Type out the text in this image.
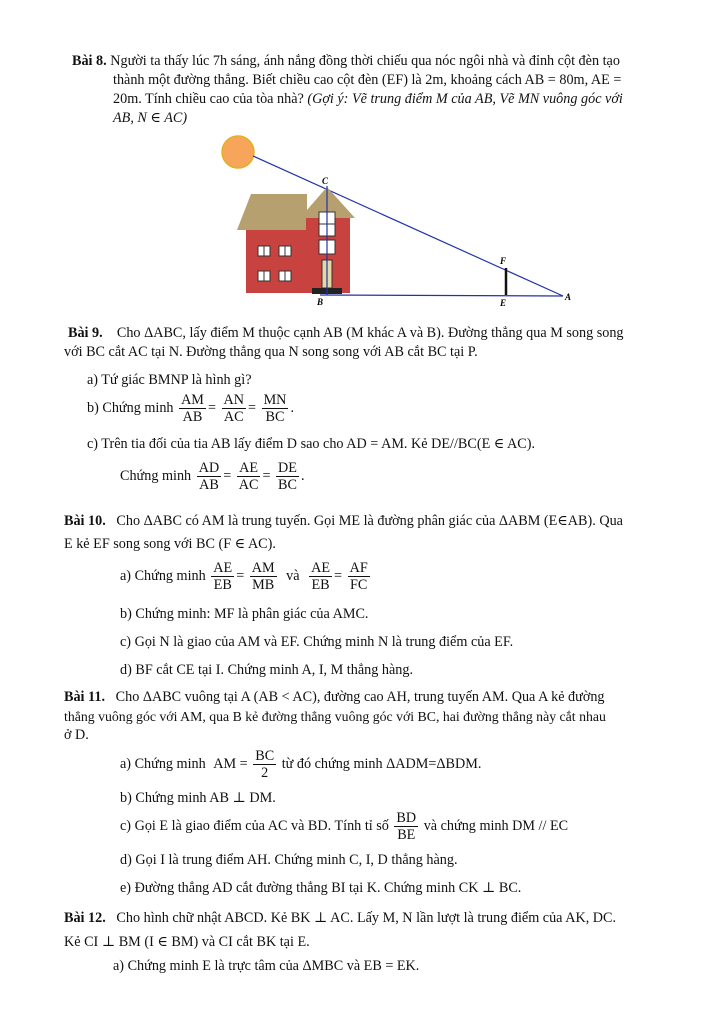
Bài 8. Người ta thấy lúc 7h sáng, ánh nắng đồng thời chiếu qua nóc ngôi nhà và đỉnh cột đèn tạo
thành một đường thẳng. Biết chiều cao cột đèn (EF) là 2m, khoảng cách AB = 80m, AE =
20m. Tính chiều cao của tòa nhà? (Gợi ý: Vẽ trung điểm M của AB, Vẽ MN vuông góc với
AB, N ∈ AC)
C
F
B	E
A
Bài 9. Cho ΔABC, lấy điểm M thuộc cạnh AB (M khác A và B). Đường thẳng qua M song song
với BC cắt AC tại N. Đường thẳng qua N song song với AB cắt BC tại P.
a) Tứ giác BMNP là hình gì?
b) Chứng minh $\frac{AM}{AB} = \frac{AN}{AC} = \frac{MN}{BC}$ .
c) Trên tia đối của tia AB lấy điểm D sao cho AD = AM. Kẻ DE//BC(E ∈ AC).
Chứng minh $\frac{AD}{AB} = \frac{AE}{AC} = \frac{DE}{BC}$ .
Bài 10. Cho ΔABC có AM là trung tuyến. Gọi ME là đường phân giác của ΔABM (E∈AB). Qua
E kẻ EF song song với BC (F ∈ AC).
a) Chứng minh $\frac{AE}{EB} = \frac{AM}{MB}$ và $\frac{AE}{EB} = \frac{AF}{FC}$
b) Chứng minh: MF là phân giác của AMC.
c) Gọi N là giao của AM và EF. Chứng minh N là trung điểm của EF.
d) BF cắt CE tại I. Chứng minh A, I, M thẳng hàng.
Bài 11. Cho ΔABC vuông tại A (AB < AC), đường cao AH, trung tuyến AM. Qua A kẻ đường
thẳng vuông góc với AM, qua B kẻ đường thẳng vuông góc với BC, hai đường thẳng này cắt nhau
ở D.
a) Chứng minh AM = $\frac{BC}{2}$ từ đó chứng minh ΔADM=ΔBDM.
b) Chứng minh AB ⊥ DM.
c) Gọi E là giao điểm của AC và BD. Tính tỉ số $\frac{BD}{BE}$ và chứng minh DM // EC
d) Gọi I là trung điểm AH. Chứng minh C, I, D thẳng hàng.
e) Đường thẳng AD cắt đường thẳng BI tại K. Chứng minh CK ⊥ BC.
Bài 12. Cho hình chữ nhật ABCD. Kẻ BK ⊥ AC. Lấy M, N lần lượt là trung điểm của AK, DC.
Kẻ CI ⊥ BM (I ∈ BM) và CI cắt BK tại E.
a) Chứng minh E là trực tâm của ΔMBC và EB = EK.
